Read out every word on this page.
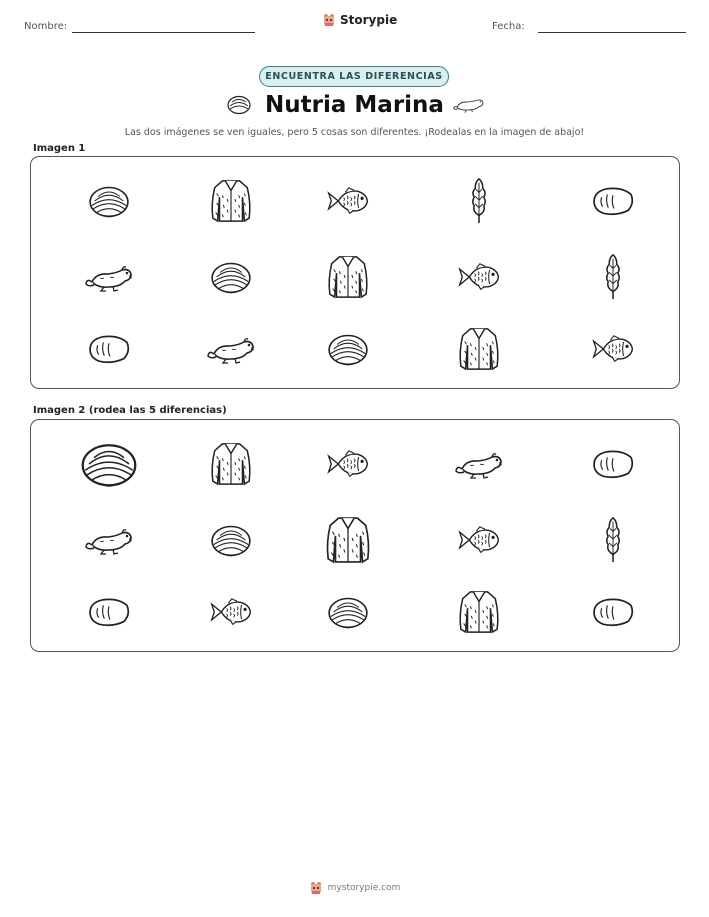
Nombre:	Storypie	Fecha:
ENCUENTRA LAS DIFERENCIAS
Nutria Marina
Las dos imágenes se ven iguales, pero 5 cosas son diferentes. ¡Rodealas en la imagen de abajo!
Imagen 1
Imagen 2 (rodea las 5 diferencias)
mystorypie.com
